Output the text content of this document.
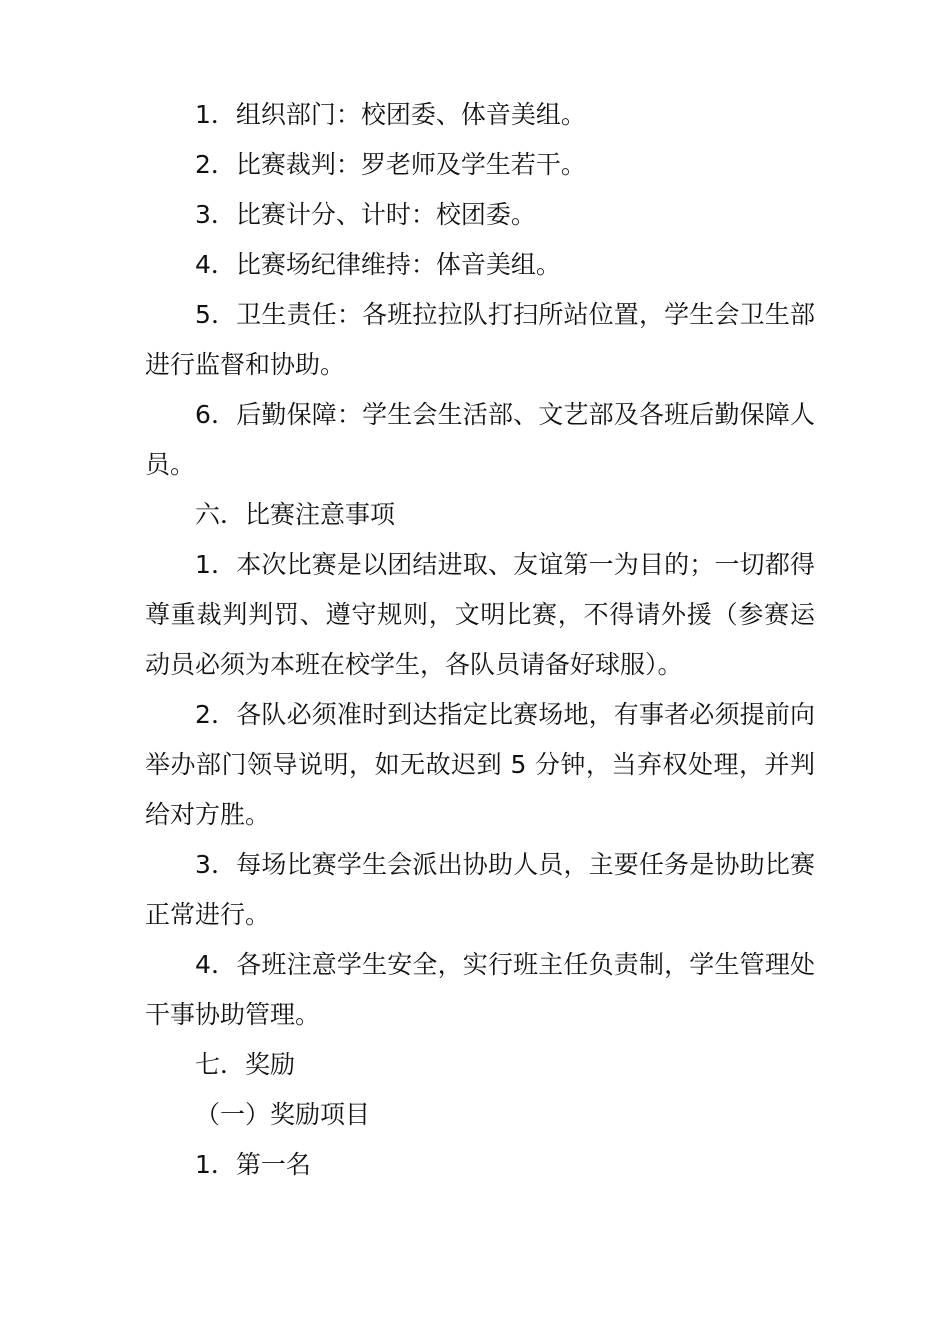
1．组织部门：校团委、体音美组。

2．比赛裁判：罗老师及学生若干。

3．比赛计分、计时：校团委。

4．比赛场纪律维持：体音美组。

5．卫生责任：各班拉拉队打扫所站位置，学生会卫生部进行监督和协助。

6．后勤保障：学生会生活部、文艺部及各班后勤保障人员。

六．比赛注意事项

1．本次比赛是以团结进取、友谊第一为目的；一切都得尊重裁判判罚、遵守规则，文明比赛，不得请外援（参赛运动员必须为本班在校学生，各队员请备好球服）。

2．各队必须准时到达指定比赛场地，有事者必须提前向举办部门领导说明，如无故迟到 5 分钟，当弃权处理，并判给对方胜。

3．每场比赛学生会派出协助人员，主要任务是协助比赛正常进行。

4．各班注意学生安全，实行班主任负责制，学生管理处干事协助管理。

七．奖励

（一）奖励项目

1．第一名
